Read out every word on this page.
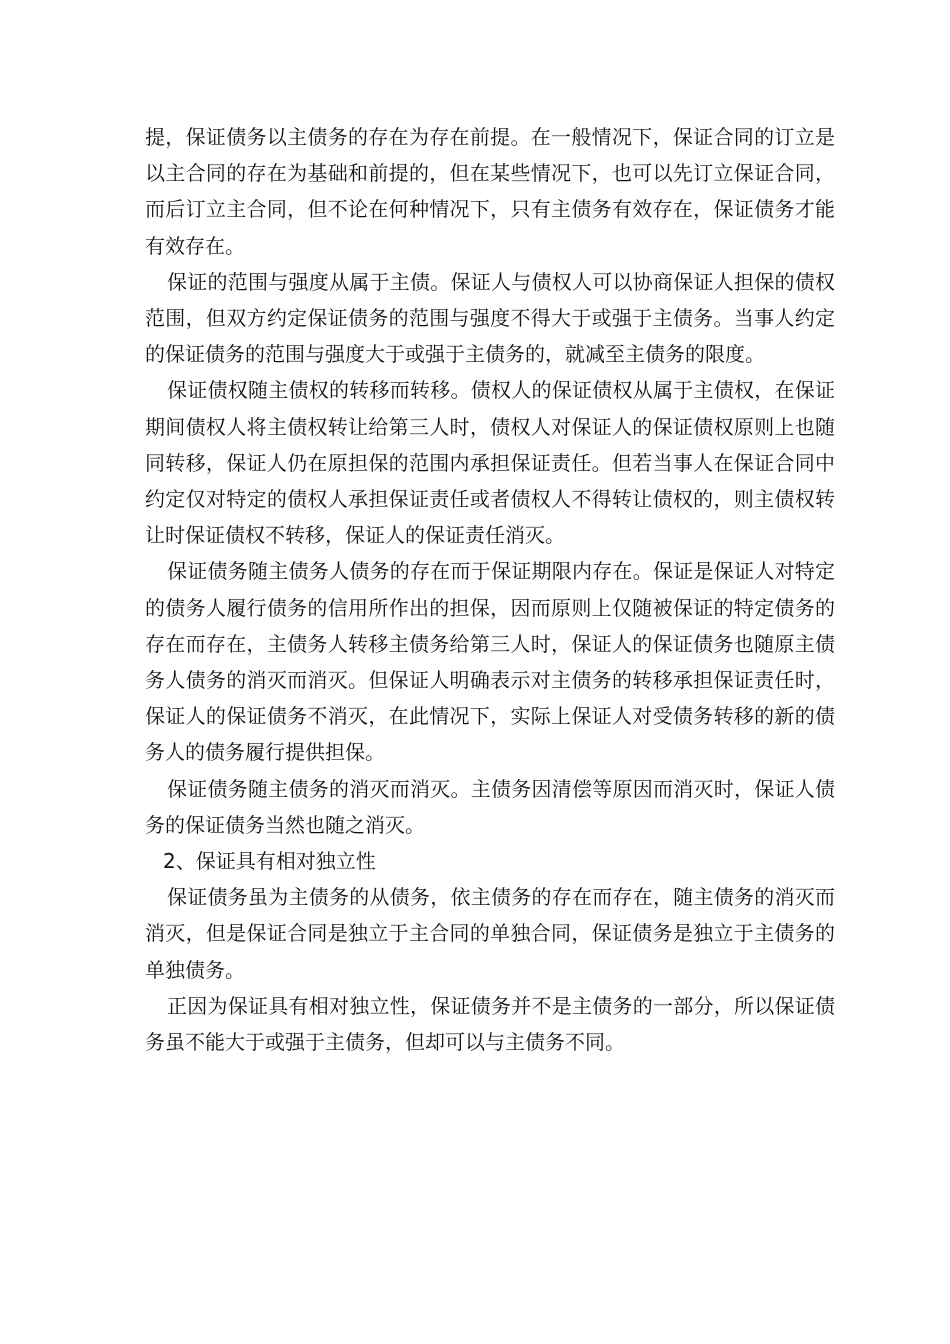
提，保证债务以主债务的存在为存在前提。在一般情况下，保证合同的订立是以主合同的存在为基础和前提的，但在某些情况下，也可以先订立保证合同，而后订立主合同，但不论在何种情况下，只有主债务有效存在，保证债务才能有效存在。

保证的范围与强度从属于主债。保证人与债权人可以协商保证人担保的债权范围，但双方约定保证债务的范围与强度不得大于或强于主债务。当事人约定的保证债务的范围与强度大于或强于主债务的，就减至主债务的限度。

保证债权随主债权的转移而转移。债权人的保证债权从属于主债权，在保证期间债权人将主债权转让给第三人时，债权人对保证人的保证债权原则上也随同转移，保证人仍在原担保的范围内承担保证责任。但若当事人在保证合同中约定仅对特定的债权人承担保证责任或者债权人不得转让债权的，则主债权转让时保证债权不转移，保证人的保证责任消灭。

保证债务随主债务人债务的存在而于保证期限内存在。保证是保证人对特定的债务人履行债务的信用所作出的担保，因而原则上仅随被保证的特定债务的存在而存在，主债务人转移主债务给第三人时，保证人的保证债务也随原主债务人债务的消灭而消灭。但保证人明确表示对主债务的转移承担保证责任时，保证人的保证债务不消灭，在此情况下，实际上保证人对受债务转移的新的债务人的债务履行提供担保。

保证债务随主债务的消灭而消灭。主债务因清偿等原因而消灭时，保证人债务的保证债务当然也随之消灭。

2、保证具有相对独立性

保证债务虽为主债务的从债务，依主债务的存在而存在，随主债务的消灭而消灭，但是保证合同是独立于主合同的单独合同，保证债务是独立于主债务的单独债务。

正因为保证具有相对独立性，保证债务并不是主债务的一部分，所以保证债务虽不能大于或强于主债务，但却可以与主债务不同。
